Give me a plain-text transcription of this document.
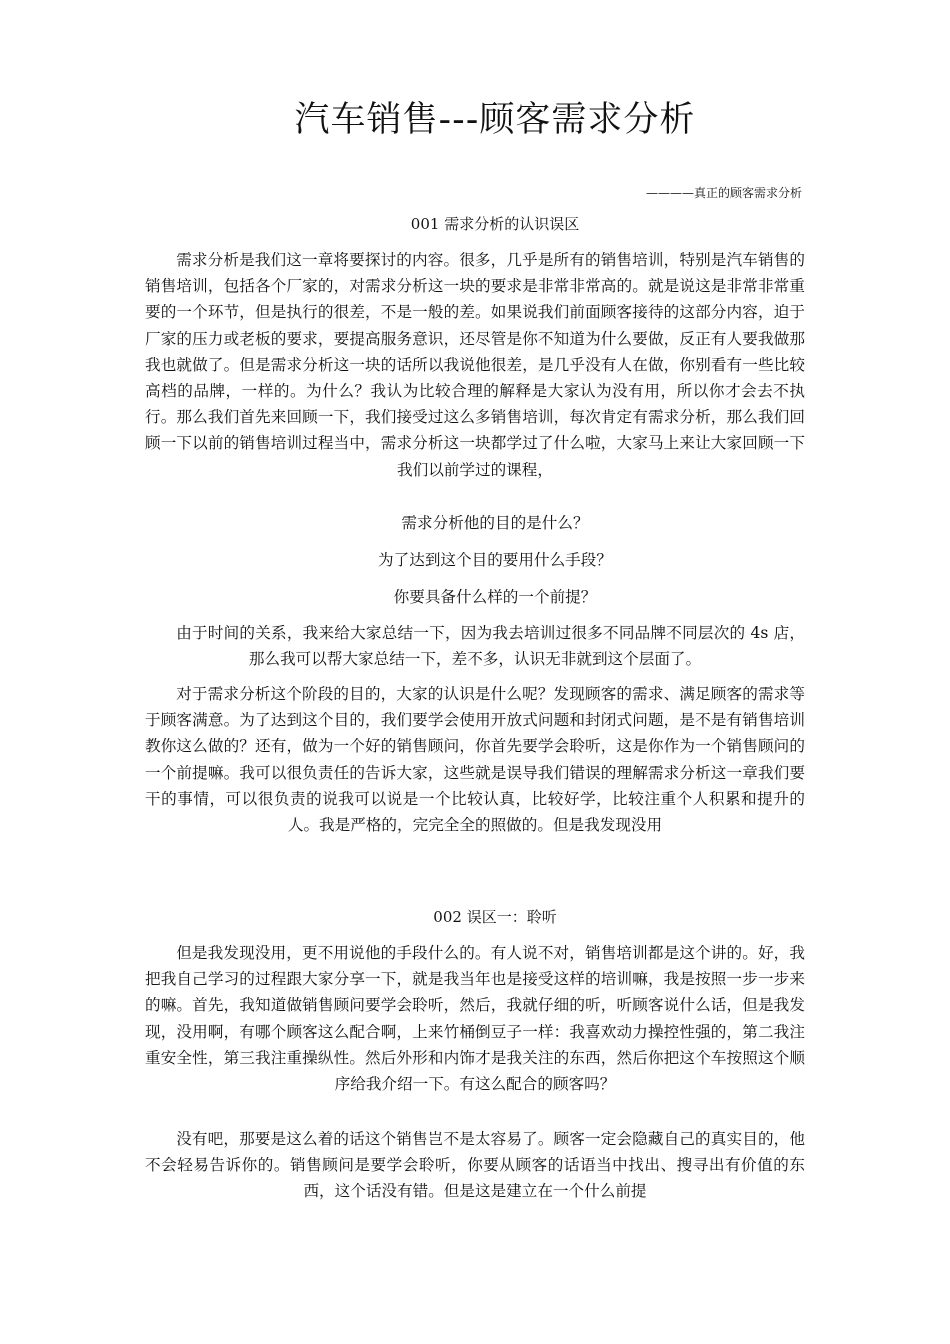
汽车销售---顾客需求分析
————真正的顾客需求分析
001 需求分析的认识误区
需求分析是我们这一章将要探讨的内容。很多，几乎是所有的销售培训，特别是汽车销售的销售培训，包括各个厂家的，对需求分析这一块的要求是非常非常高的。就是说这是非常非常重要的一个环节，但是执行的很差，不是一般的差。如果说我们前面顾客接待的这部分内容，迫于厂家的压力或老板的要求，要提高服务意识，还尽管是你不知道为什么要做，反正有人要我做那我也就做了。但是需求分析这一块的话所以我说他很差，是几乎没有人在做，你别看有一些比较高档的品牌，一样的。为什么？我认为比较合理的解释是大家认为没有用，所以你才会去不执行。那么我们首先来回顾一下，我们接受过这么多销售培训，每次肯定有需求分析，那么我们回顾一下以前的销售培训过程当中，需求分析这一块都学过了什么啦，大家马上来让大家回顾一下我们以前学过的课程，
需求分析他的目的是什么？
为了达到这个目的要用什么手段？
你要具备什么样的一个前提？
由于时间的关系，我来给大家总结一下，因为我去培训过很多不同品牌不同层次的 4s 店，那么我可以帮大家总结一下，差不多，认识无非就到这个层面了。
对于需求分析这个阶段的目的，大家的认识是什么呢？发现顾客的需求、满足顾客的需求等于顾客满意。为了达到这个目的，我们要学会使用开放式问题和封闭式问题，是不是有销售培训教你这么做的？还有，做为一个好的销售顾问，你首先要学会聆听，这是你作为一个销售顾问的一个前提嘛。我可以很负责任的告诉大家，这些就是误导我们错误的理解需求分析这一章我们要干的事情，可以很负责的说我可以说是一个比较认真，比较好学，比较注重个人积累和提升的人。我是严格的，完完全全的照做的。但是我发现没用
002 误区一：聆听
但是我发现没用，更不用说他的手段什么的。有人说不对，销售培训都是这个讲的。好，我把我自己学习的过程跟大家分享一下，就是我当年也是接受这样的培训嘛，我是按照一步一步来的嘛。首先，我知道做销售顾问要学会聆听，然后，我就仔细的听，听顾客说什么话，但是我发现，没用啊，有哪个顾客这么配合啊，上来竹桶倒豆子一样：我喜欢动力操控性强的，第二我注重安全性，第三我注重操纵性。然后外形和内饰才是我关注的东西，然后你把这个车按照这个顺序给我介绍一下。有这么配合的顾客吗？
没有吧，那要是这么着的话这个销售岂不是太容易了。顾客一定会隐藏自己的真实目的，他不会轻易告诉你的。销售顾问是要学会聆听，你要从顾客的话语当中找出、搜寻出有价值的东西，这个话没有错。但是这是建立在一个什么前提
